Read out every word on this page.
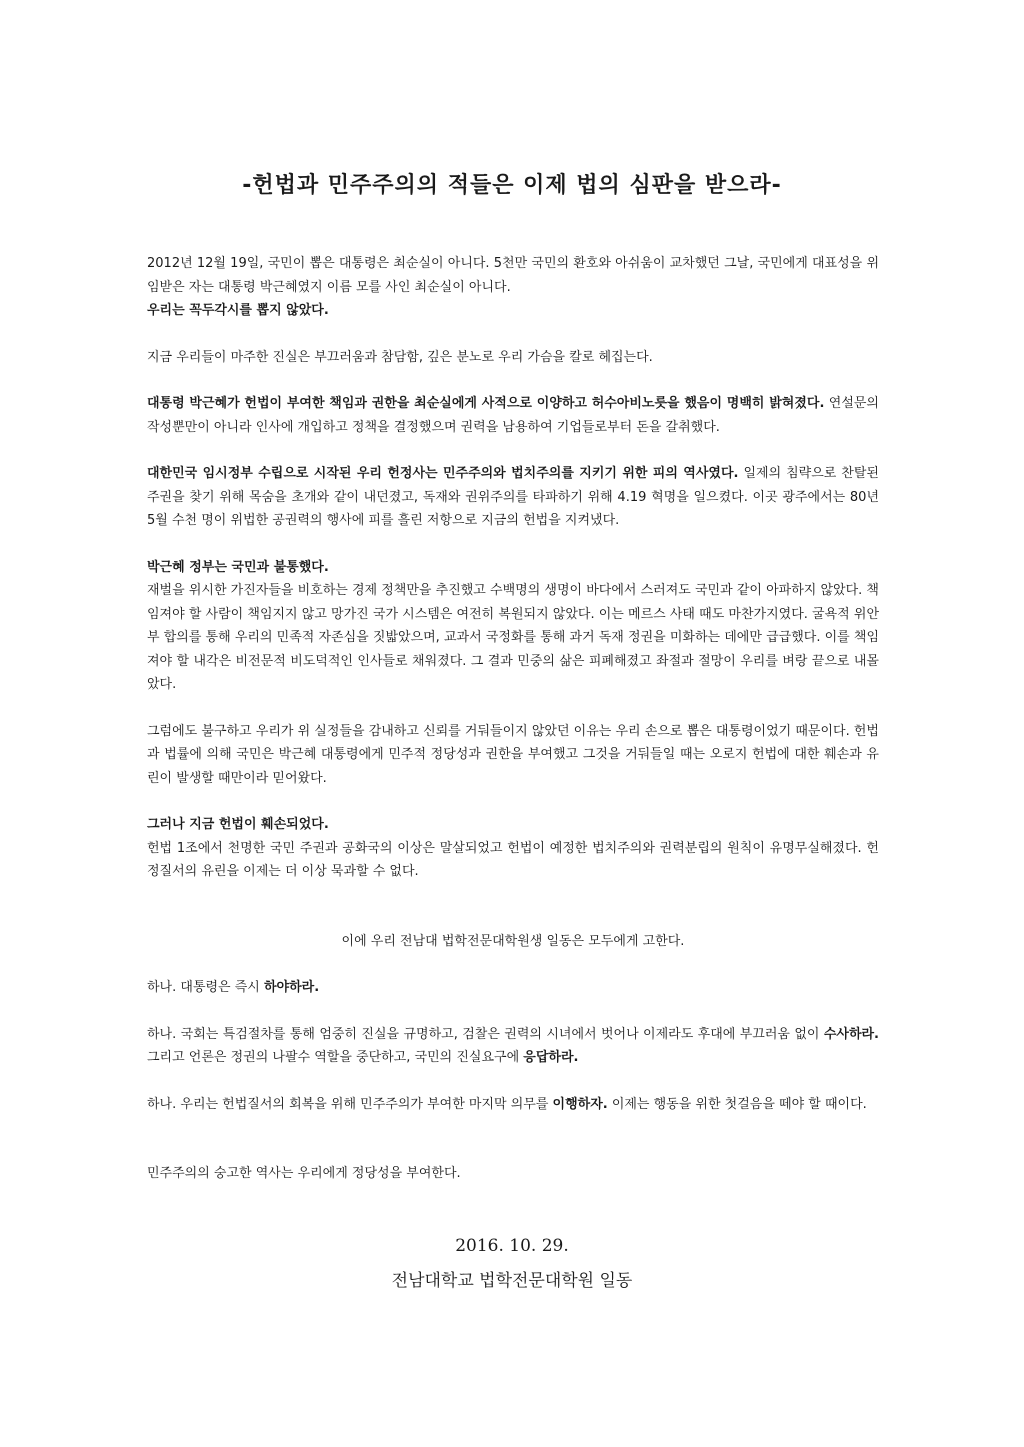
-헌법과 민주주의의 적들은 이제 법의 심판을 받으라-

2012년 12월 19일, 국민이 뽑은 대통령은 최순실이 아니다. 5천만 국민의 환호와 아쉬움이 교차했던 그날, 국민에게 대표성을 위임받은 자는 대통령 박근혜였지 이름 모를 사인 최순실이 아니다.

우리는 꼭두각시를 뽑지 않았다.

지금 우리들이 마주한 진실은 부끄러움과 참담함, 깊은 분노로 우리 가슴을 칼로 헤집는다.

대통령 박근혜가 헌법이 부여한 책임과 권한을 최순실에게 사적으로 이양하고 허수아비노릇을 했음이 명백히 밝혀졌다. 연설문의 작성뿐만이 아니라 인사에 개입하고 정책을 결정했으며 권력을 남용하여 기업들로부터 돈을 갈취했다.

대한민국 임시정부 수립으로 시작된 우리 헌정사는 민주주의와 법치주의를 지키기 위한 피의 역사였다. 일제의 침략으로 찬탈된 주권을 찾기 위해 목숨을 초개와 같이 내던졌고, 독재와 권위주의를 타파하기 위해 4.19 혁명을 일으켰다. 이곳 광주에서는 80년 5월 수천 명이 위법한 공권력의 행사에 피를 흘린 저항으로 지금의 헌법을 지켜냈다.

박근혜 정부는 국민과 불통했다.

재벌을 위시한 가진자들을 비호하는 경제 정책만을 추진했고 수백명의 생명이 바다에서 스러져도 국민과 같이 아파하지 않았다. 책임져야 할 사람이 책임지지 않고 망가진 국가 시스템은 여전히 복원되지 않았다. 이는 메르스 사태 때도 마찬가지였다. 굴욕적 위안부 합의를 통해 우리의 민족적 자존심을 짓밟았으며, 교과서 국정화를 통해 과거 독재 정권을 미화하는 데에만 급급했다. 이를 책임져야 할 내각은 비전문적 비도덕적인 인사들로 채워졌다. 그 결과 민중의 삶은 피폐해졌고 좌절과 절망이 우리를 벼랑 끝으로 내몰았다.

그럼에도 불구하고 우리가 위 실정들을 감내하고 신뢰를 거둬들이지 않았던 이유는 우리 손으로 뽑은 대통령이었기 때문이다. 헌법과 법률에 의해 국민은 박근혜 대통령에게 민주적 정당성과 권한을 부여했고 그것을 거둬들일 때는 오로지 헌법에 대한 훼손과 유린이 발생할 때만이라 믿어왔다.

그러나 지금 헌법이 훼손되었다.

헌법 1조에서 천명한 국민 주권과 공화국의 이상은 말살되었고 헌법이 예정한 법치주의와 권력분립의 원칙이 유명무실해졌다. 헌정질서의 유린을 이제는 더 이상 묵과할 수 없다.

이에 우리 전남대 법학전문대학원생 일동은 모두에게 고한다.

하나. 대통령은 즉시 하야하라.

하나. 국회는 특검절차를 통해 엄중히 진실을 규명하고, 검찰은 권력의 시녀에서 벗어나 이제라도 후대에 부끄러움 없이 수사하라. 그리고 언론은 정권의 나팔수 역할을 중단하고, 국민의 진실요구에 응답하라.

하나. 우리는 헌법질서의 회복을 위해 민주주의가 부여한 마지막 의무를 이행하자. 이제는 행동을 위한 첫걸음을 떼야 할 때이다.

민주주의의 숭고한 역사는 우리에게 정당성을 부여한다.

2016. 10. 29.
전남대학교 법학전문대학원 일동
